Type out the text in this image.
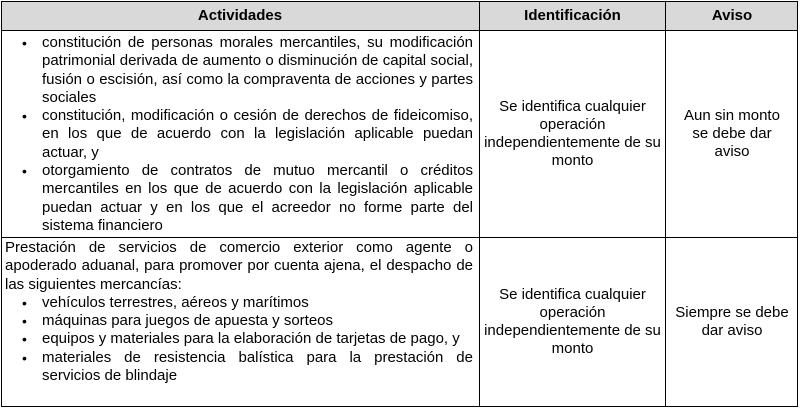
Actividades	Identificación	Aviso
• constitución de personas morales mercantiles, su modificación patrimonial derivada de aumento o disminución de capital social, fusión o escisión, así como la compraventa de acciones y partes sociales
• constitución, modificación o cesión de derechos de fideicomiso, en los que de acuerdo con la legislación aplicable puedan actuar, y
• otorgamiento de contratos de mutuo mercantil o créditos mercantiles en los que de acuerdo con la legislación aplicable puedan actuar y en los que el acreedor no forme parte del sistema financiero
Se identifica cualquier operación independientemente de su monto
Aun sin monto se debe dar aviso
Prestación de servicios de comercio exterior como agente o apoderado aduanal, para promover por cuenta ajena, el despacho de las siguientes mercancías:
• vehículos terrestres, aéreos y marítimos
• máquinas para juegos de apuesta y sorteos
• equipos y materiales para la elaboración de tarjetas de pago, y
• materiales de resistencia balística para la prestación de servicios de blindaje
Se identifica cualquier operación independientemente de su monto
Siempre se debe dar aviso
